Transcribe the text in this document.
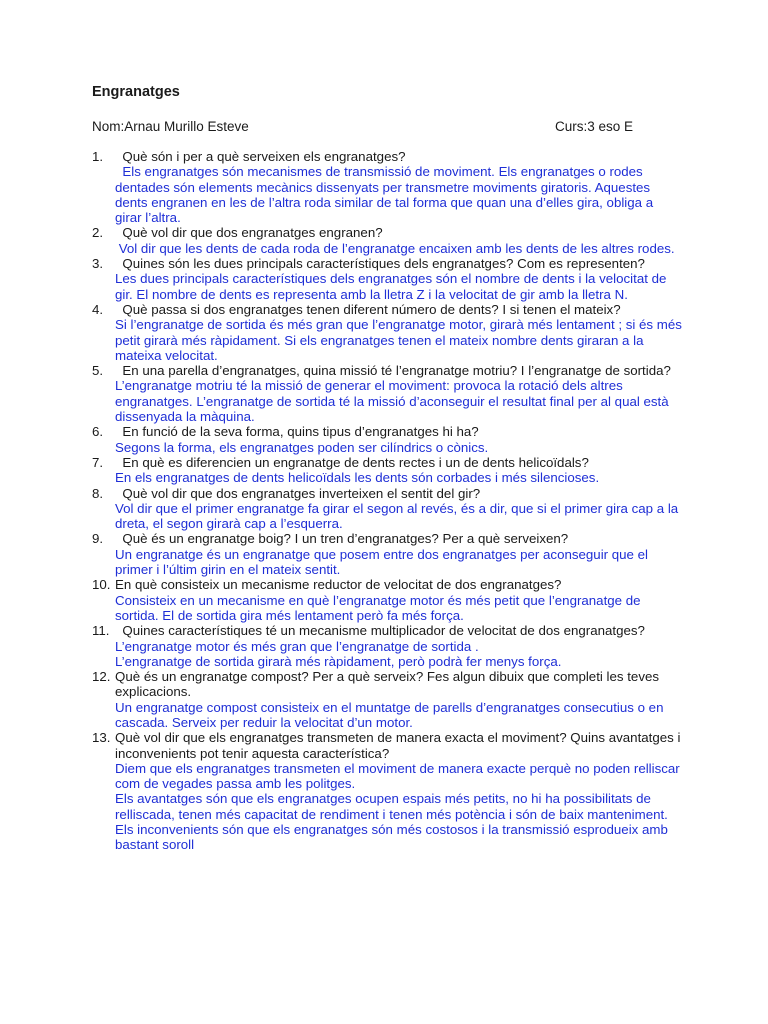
Engranatges
Nom:Arnau Murillo Esteve	Curs:3 eso E
1. Què són i per a què serveixen els engranatges?

Els engranatges són mecanismes de transmissió de moviment. Els engranatges o rodes dentades són elements mecànics dissenyats per transmetre moviments giratoris. Aquestes dents engranen en les de l’altra roda similar de tal forma que quan una d’elles gira, obliga a girar l’altra.

2. Què vol dir que dos engranatges engranen?

Vol dir que les dents de cada roda de l’engranatge encaixen amb les dents de les altres rodes.

3. Quines són les dues principals característiques dels engranatges? Com es representen?

Les dues principals característiques dels engranatges són el nombre de dents i la velocitat de gir. El nombre de dents es representa amb la lletra Z i la velocitat de gir amb la lletra N.

4. Què passa si dos engranatges tenen diferent número de dents? I si tenen el mateix?

Si l’engranatge de sortida és més gran que l’engranatge motor, girarà més lentament ; si és més petit girarà més ràpidament. Si els engranatges tenen el mateix nombre dents giraran a la mateixa velocitat.

5. En una parella d’engranatges, quina missió té l’engranatge motriu? I l’engranatge de sortida?

L’engranatge motriu té la missió de generar el moviment: provoca la rotació dels altres engranatges. L’engranatge de sortida té la missió d’aconseguir el resultat final per al qual està dissenyada la màquina.

6. En funció de la seva forma, quins tipus d’engranatges hi ha?

Segons la forma, els engranatges poden ser cilíndrics o cònics.

7. En què es diferencien un engranatge de dents rectes i un de dents helicoïdals?

En els engranatges de dents helicoïdals les dents són corbades i més silencioses.

8. Què vol dir que dos engranatges inverteixen el sentit del gir?

Vol dir que el primer engranatge fa girar el segon al revés, és a dir, que si el primer gira cap a la dreta, el segon girarà cap a l’esquerra.

9. Què és un engranatge boig? I un tren d’engranatges? Per a què serveixen?

Un engranatge és un engranatge que posem entre dos engranatges per aconseguir que el primer i l’últim girin en el mateix sentit.

10. En què consisteix un mecanisme reductor de velocitat de dos engranatges?

Consisteix en un mecanisme en què l’engranatge motor és més petit que l’engranatge de sortida. El de sortida gira més lentament però fa més força.

11. Quines característiques té un mecanisme multiplicador de velocitat de dos engranatges?

L’engranatge motor és més gran que l’engranatge de sortida .

L’engranatge de sortida girarà més ràpidament, però podrà fer menys força.

12. Què és un engranatge compost? Per a què serveix? Fes algun dibuix que completi les teves explicacions.

Un engranatge compost consisteix en el muntatge de parells d’engranatges consecutius o en cascada. Serveix per reduir la velocitat d’un motor.

13. Què vol dir que els engranatges transmeten de manera exacta el moviment? Quins avantatges i inconvenients pot tenir aquesta característica?

Diem que els engranatges transmeten el moviment de manera exacte perquè no poden relliscar com de vegades passa amb les politges.

Els avantatges són que els engranatges ocupen espais més petits, no hi ha possibilitats de relliscada, tenen més capacitat de rendiment i tenen més potència i són de baix manteniment.

Els inconvenients són que els engranatges són més costosos i la transmissió esprodueix amb bastant soroll
